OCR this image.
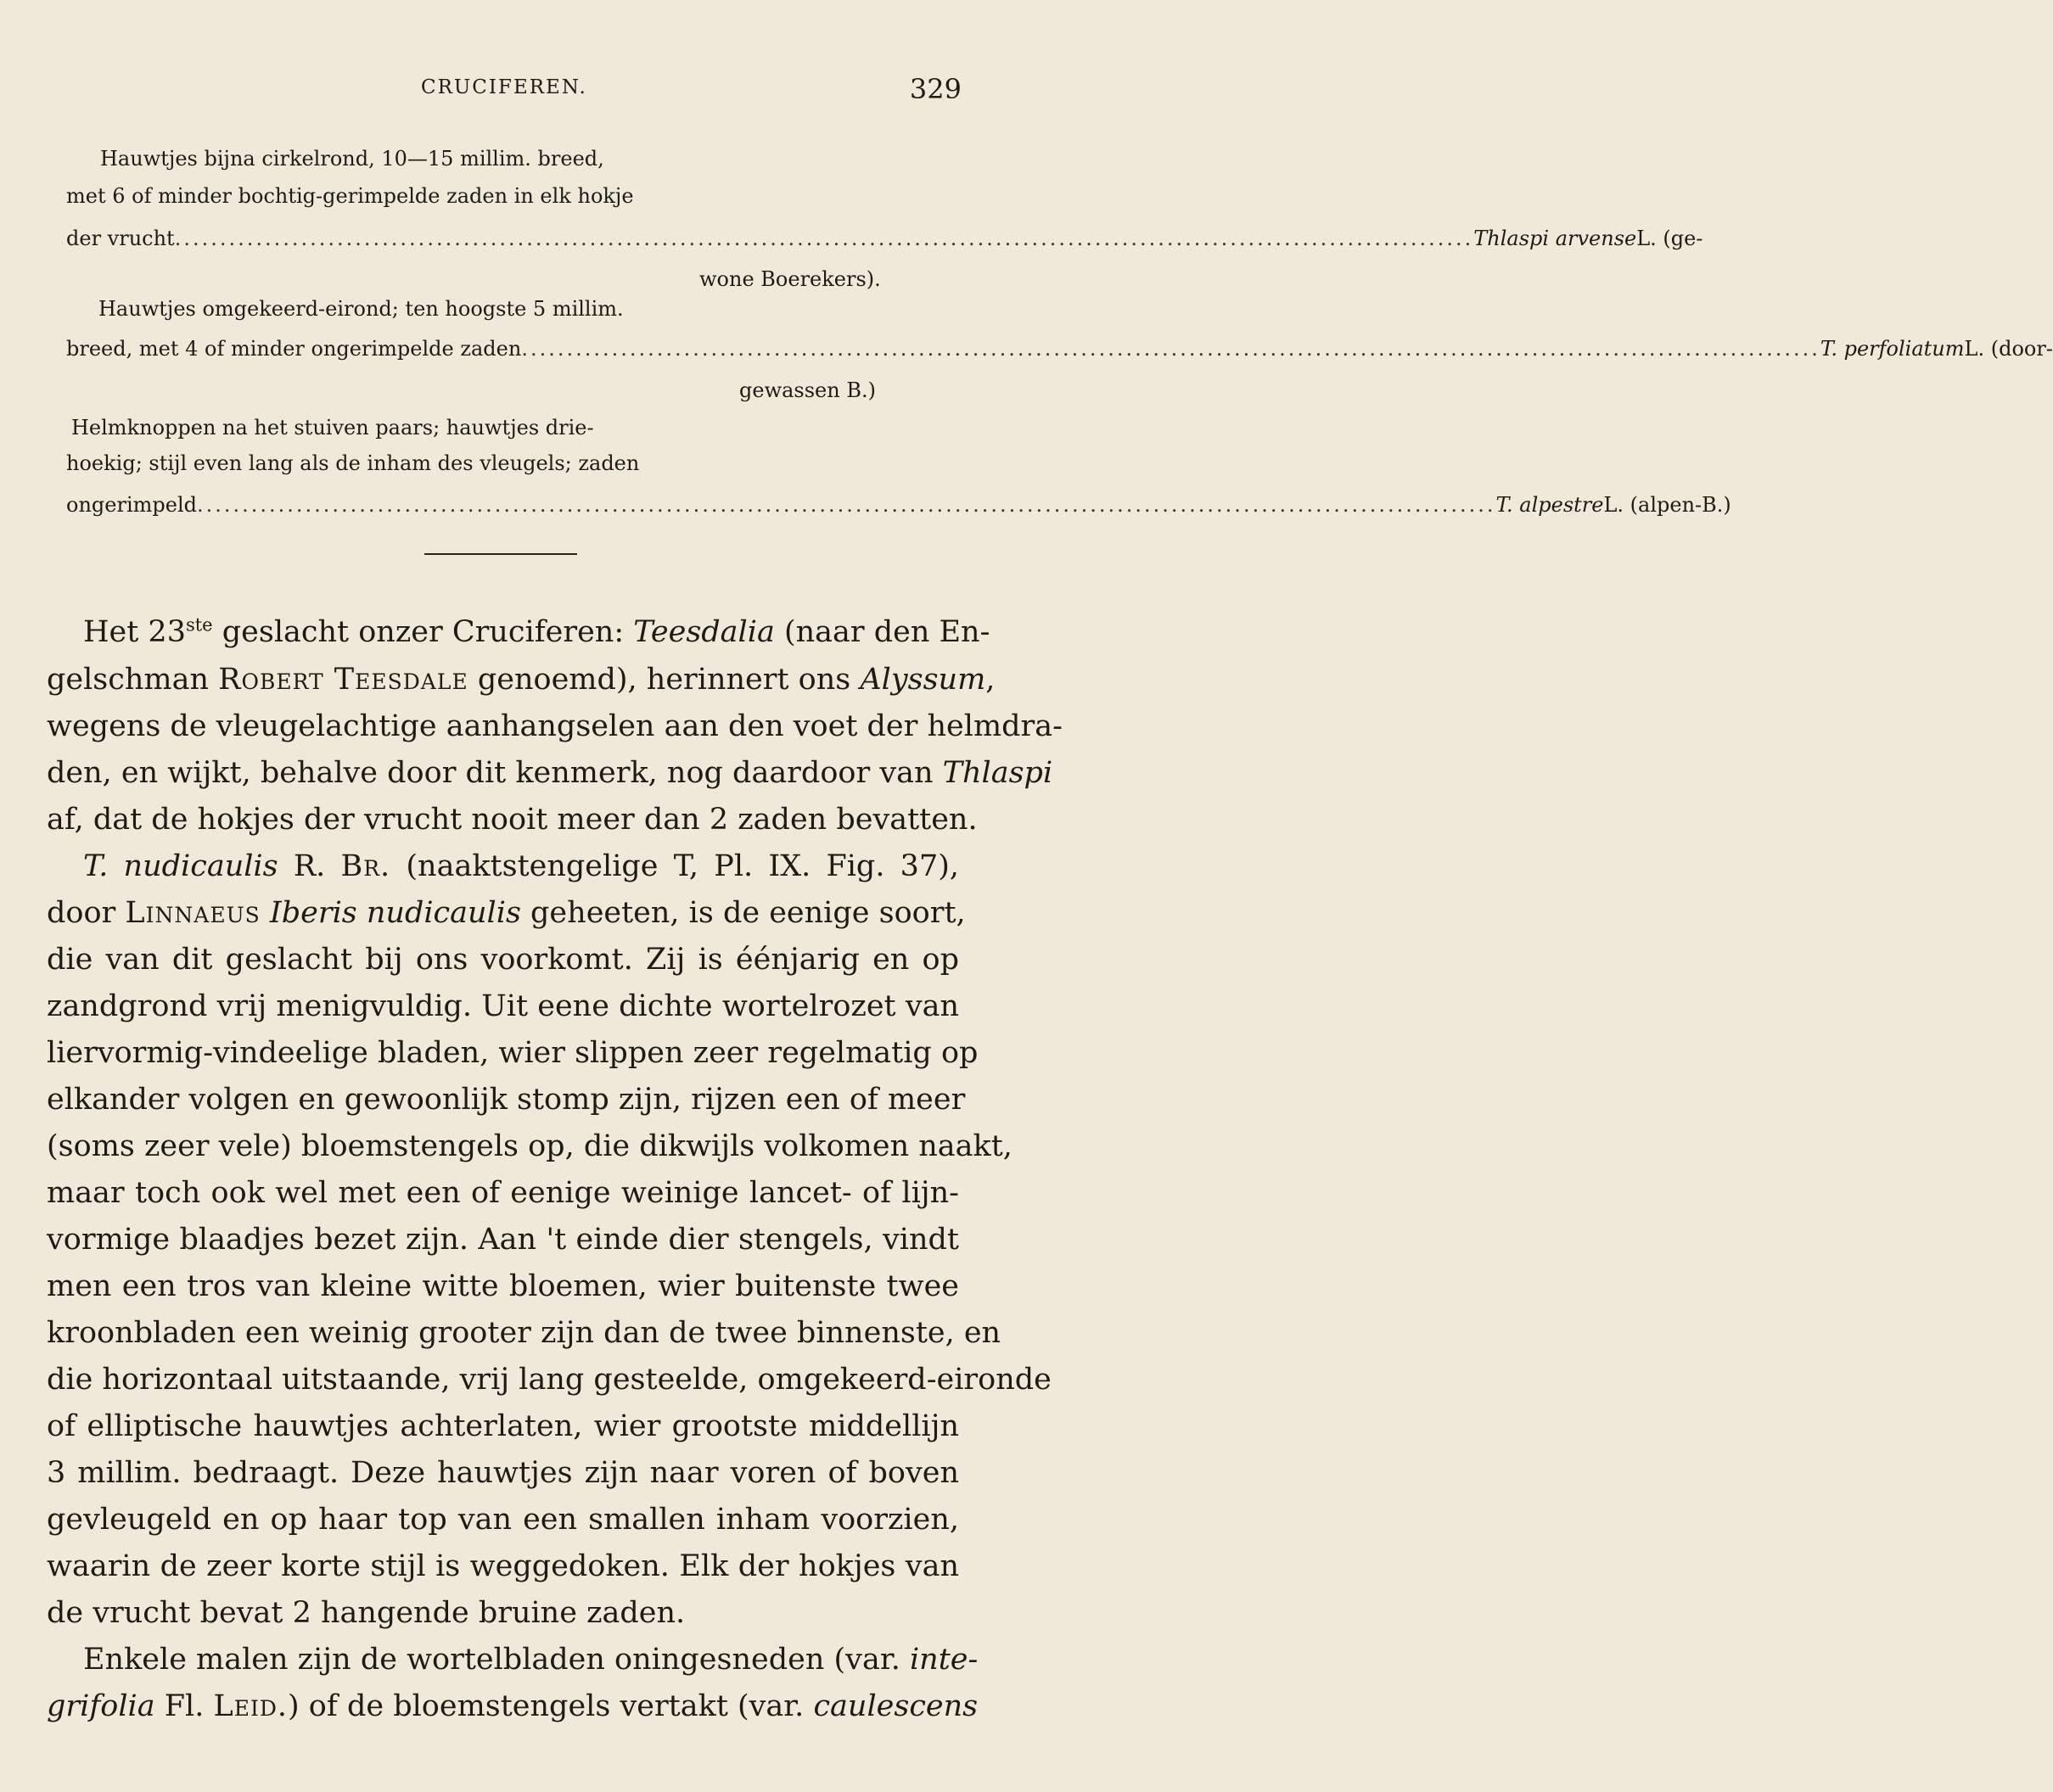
CRUCIFEREN.	329
Hauwtjes bijna cirkelrond, 10—15 millim. breed,
met 6 of minder bochtig-gerimpelde zaden in elk hokje
der vrucht .....	Thlaspi arvense L. (ge-
wone Boerekers).
Hauwtjes omgekeerd-eirond; ten hoogste 5 millim.
breed, met 4 of minder ongerimpelde zaden .....	T. perfoliatum L. (door-
gewassen B.)
Helmknoppen na het stuiven paars; hauwtjes drie-
hoekig; stijl even lang als de inham des vleugels; zaden
ongerimpeld .....	T. alpestre L. (alpen-B.)
Het 23ste geslacht onzer Cruciferen: Teesdalia (naar den En-
gelschman Robert Teesdale genoemd), herinnert ons Alyssum,
wegens de vleugelachtige aanhangselen aan den voet der helmdra-
den, en wijkt, behalve door dit kenmerk, nog daardoor van Thlaspi
af, dat de hokjes der vrucht nooit meer dan 2 zaden bevatten.
T. nudicaulis R. Br. (naaktstengelige T, Pl. IX. Fig. 37),
door Linnaeus Iberis nudicaulis geheeten, is de eenige soort,
die van dit geslacht bij ons voorkomt. Zij is éénjarig en op
zandgrond vrij menigvuldig. Uit eene dichte wortelrozet van
liervormig-vindeelige bladen, wier slippen zeer regelmatig op
elkander volgen en gewoonlijk stomp zijn, rijzen een of meer
(soms zeer vele) bloemstengels op, die dikwijls volkomen naakt,
maar toch ook wel met een of eenige weinige lancet- of lijn-
vormige blaadjes bezet zijn. Aan 't einde dier stengels, vindt
men een tros van kleine witte bloemen, wier buitenste twee
kroonbladen een weinig grooter zijn dan de twee binnenste, en
die horizontaal uitstaande, vrij lang gesteelde, omgekeerd-eironde
of elliptische hauwtjes achterlaten, wier grootste middellijn
3 millim. bedraagt. Deze hauwtjes zijn naar voren of boven
gevleugeld en op haar top van een smallen inham voorzien,
waarin de zeer korte stijl is weggedoken. Elk der hokjes van
de vrucht bevat 2 hangende bruine zaden.
Enkele malen zijn de wortelbladen oningesneden (var. inte-
grifolia Fl. Leid.) of de bloemstengels vertakt (var. caulescens
